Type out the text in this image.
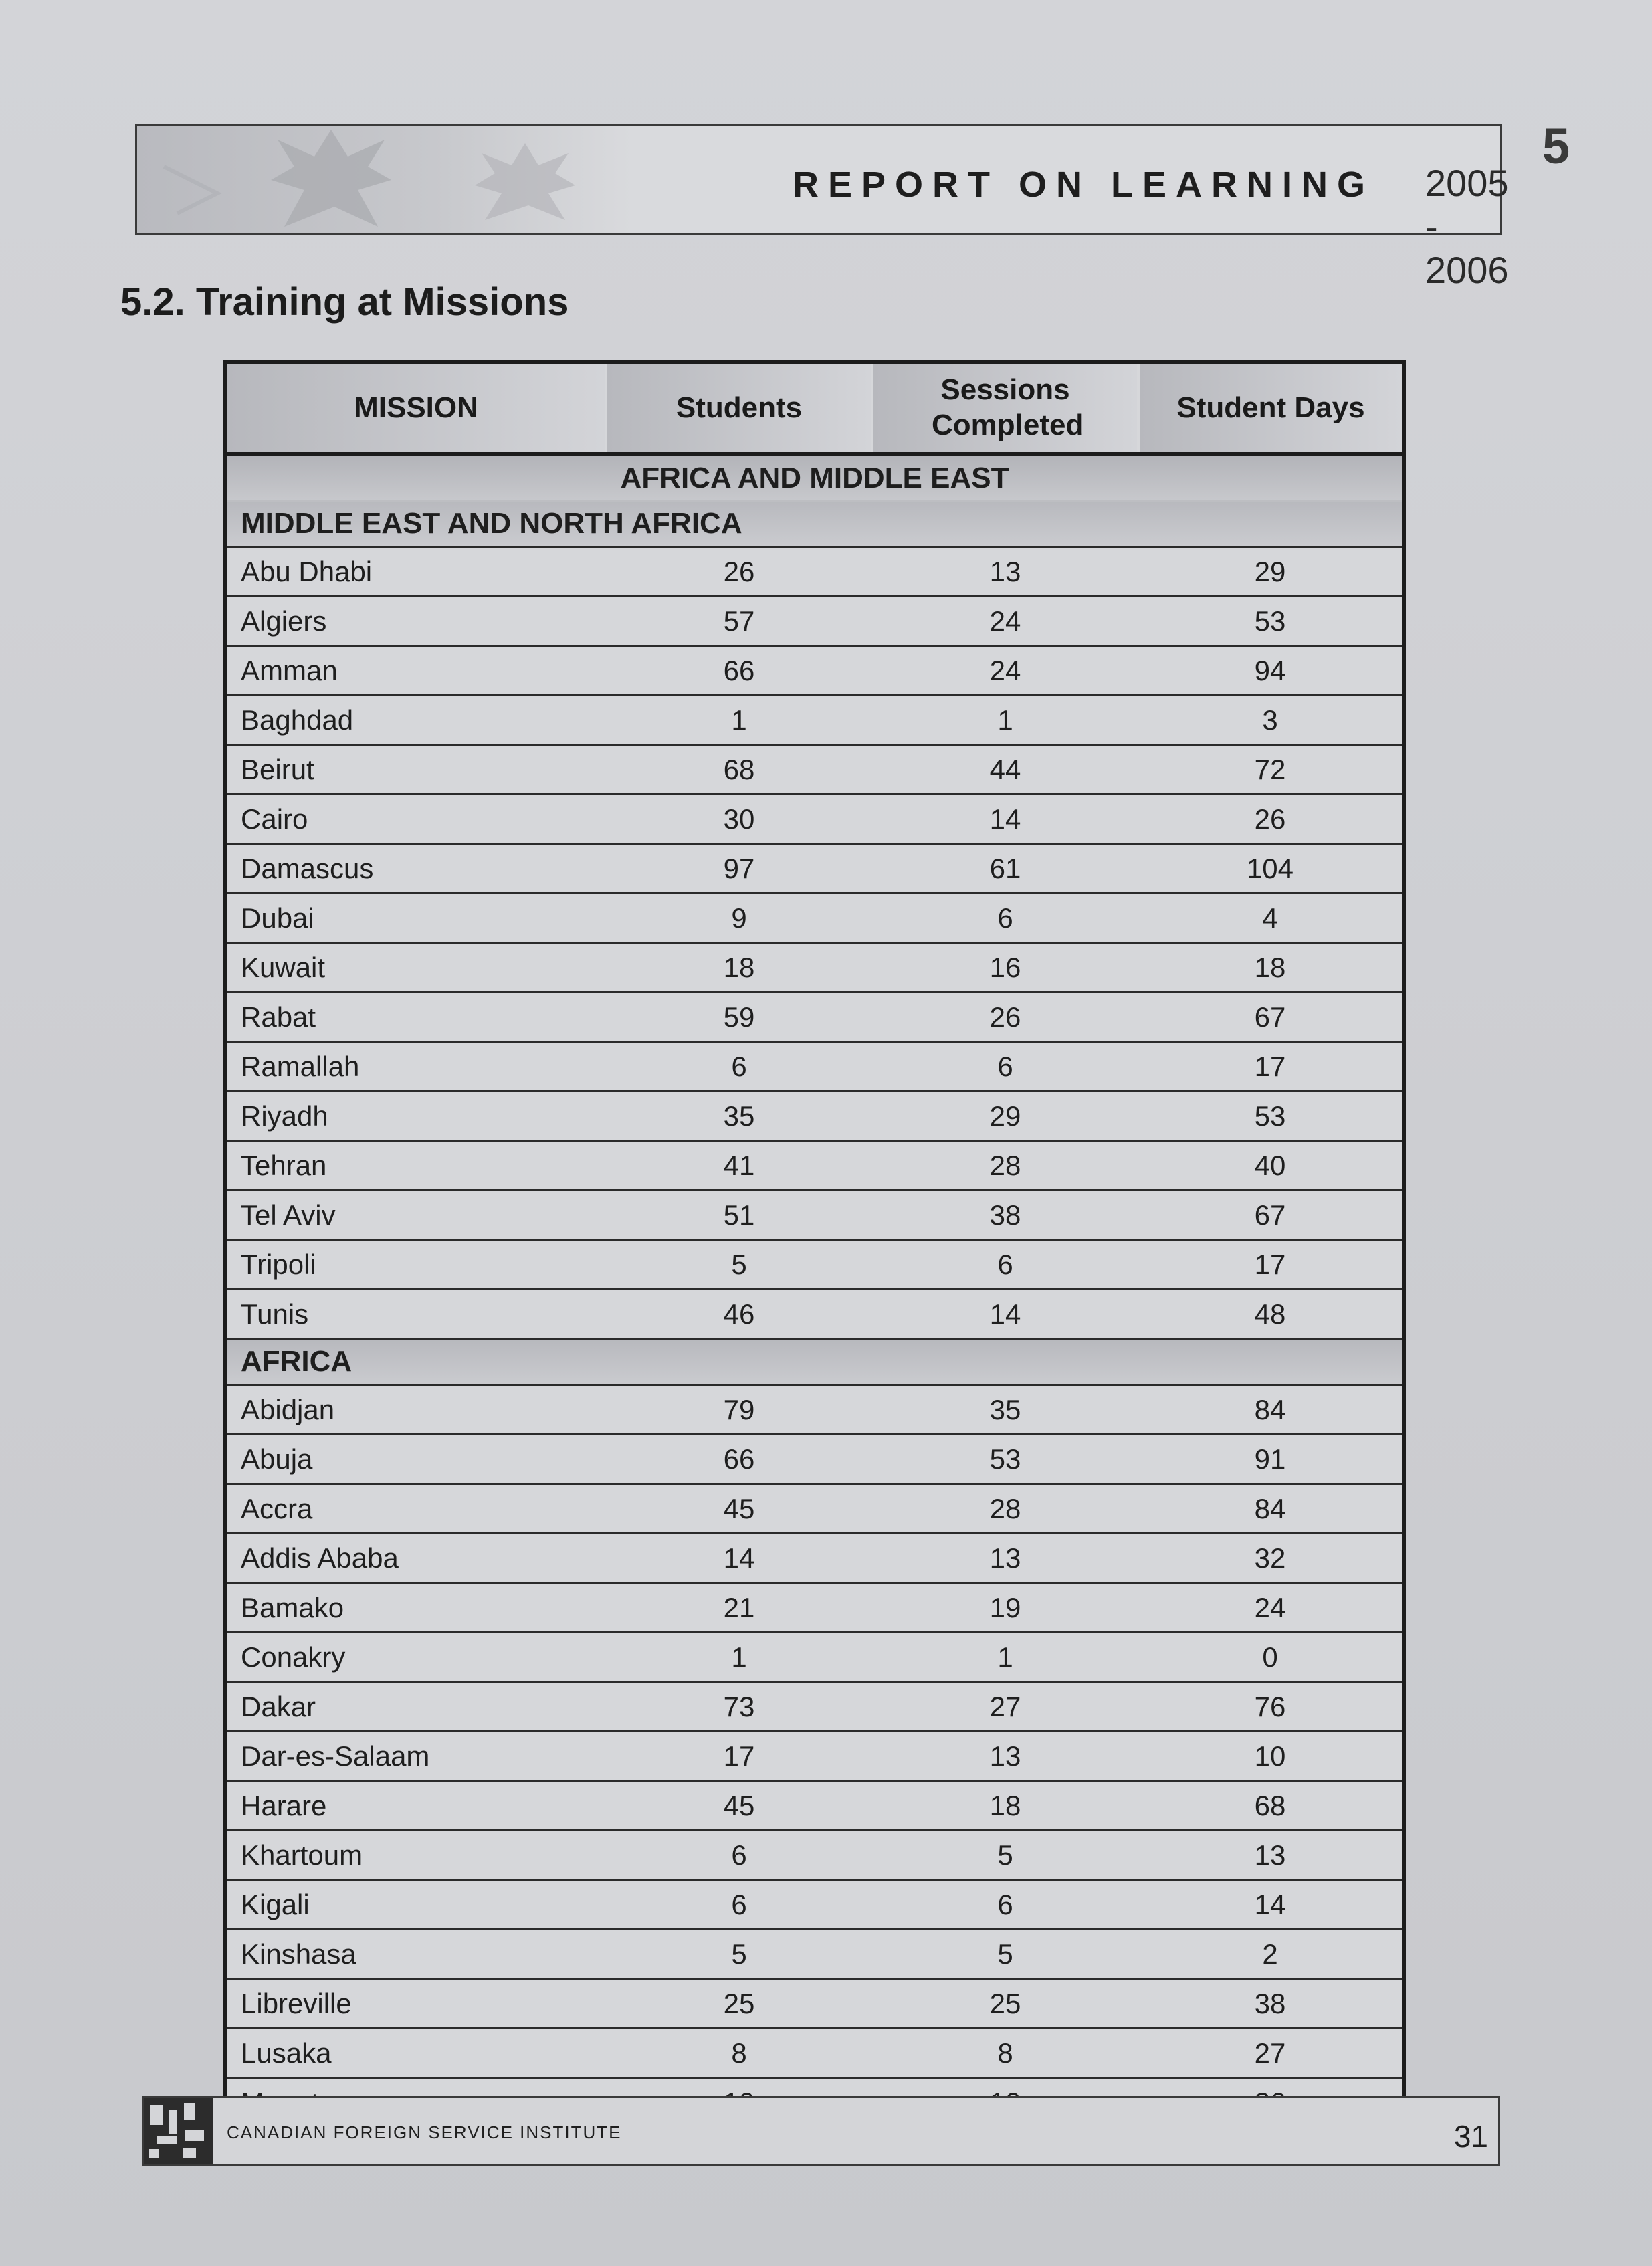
REPORT ON LEARNING 2005 - 2006
5
5.2. Training at Missions
MISSION	Students	Sessions Completed	Student Days
AFRICA AND MIDDLE EAST			
MIDDLE EAST AND NORTH AFRICA			
Abu Dhabi	26	13	29
Algiers	57	24	53
Amman	66	24	94
Baghdad	1	1	3
Beirut	68	44	72
Cairo	30	14	26
Damascus	97	61	104
Dubai	9	6	4
Kuwait	18	16	18
Rabat	59	26	67
Ramallah	6	6	17
Riyadh	35	29	53
Tehran	41	28	40
Tel Aviv	51	38	67
Tripoli	5	6	17
Tunis	46	14	48
AFRICA			
Abidjan	79	35	84
Abuja	66	53	91
Accra	45	28	84
Addis Ababa	14	13	32
Bamako	21	19	24
Conakry	1	1	0
Dakar	73	27	76
Dar-es-Salaam	17	13	10
Harare	45	18	68
Khartoum	6	5	13
Kigali	6	6	14
Kinshasa	5	5	2
Libreville	25	25	38
Lusaka	8	8	27

CANADIAN FOREIGN SERVICE INSTITUTE	31
